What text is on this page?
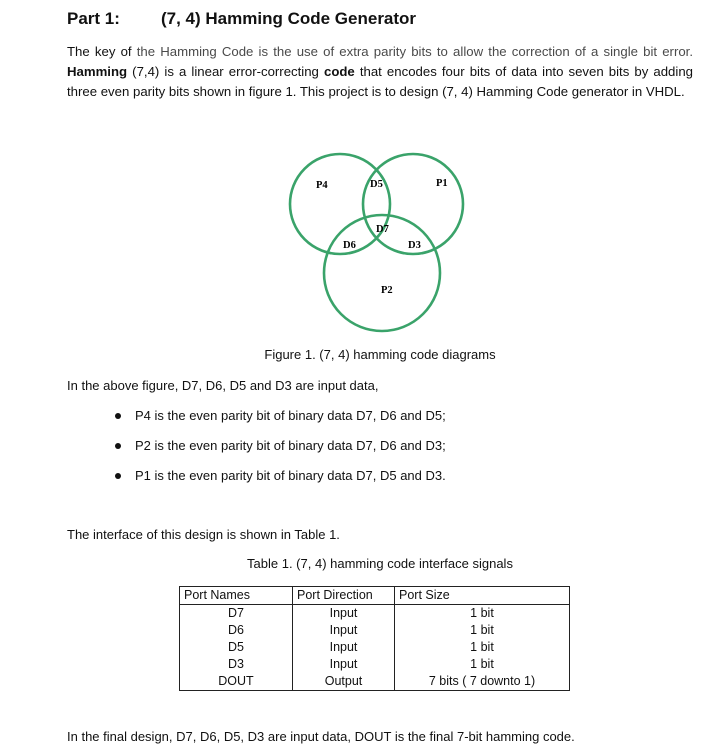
Part 1: (7, 4) Hamming Code Generator
The key of the Hamming Code is the use of extra parity bits to allow the correction of a single bit error. Hamming (7,4) is a linear error-correcting code that encodes four bits of data into seven bits by adding three even parity bits shown in figure 1. This project is to design (7, 4) Hamming Code generator in VHDL.
P4	D5	P1
D7
D6	D3
P2
Figure 1. (7, 4) hamming code diagrams
In the above figure, D7, D6, D5 and D3 are input data,
P4 is the even parity bit of binary data D7, D6 and D5;
P2 is the even parity bit of binary data D7, D6 and D3;
P1 is the even parity bit of binary data D7, D5 and D3.
The interface of this design is shown in Table 1.
Table 1. (7, 4) hamming code interface signals
Port Names	Port Direction	Port Size
D7	Input	1 bit
D6	Input	1 bit
D5	Input	1 bit
D3	Input	1 bit
DOUT	Output	7 bits ( 7 downto 1)
In the final design, D7, D6, D5, D3 are input data, DOUT is the final 7-bit hamming code.
